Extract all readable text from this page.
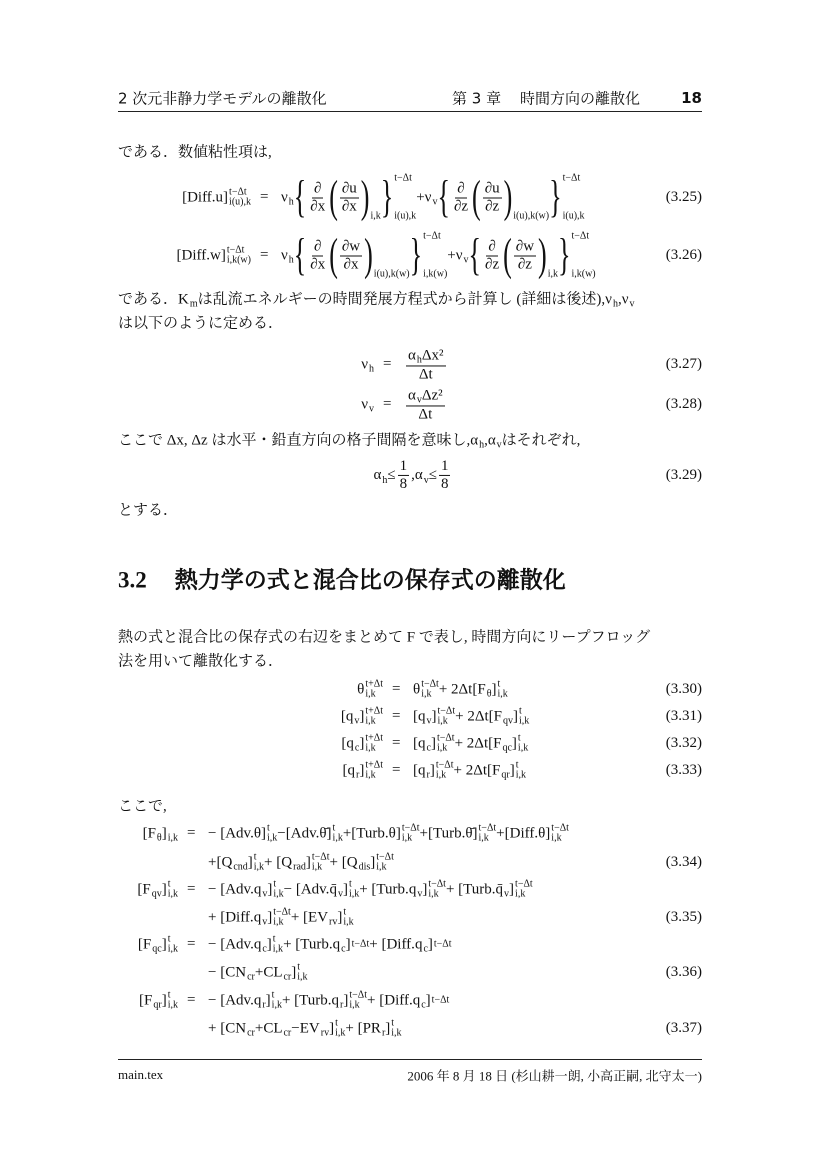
2 次元非静力学モデルの離散化	第 3 章 時間方向の離散化	18
である．数値粘性項は,
[Diff.u] t−Δt
i(u),k = ν h { $\frac{\partial}{\partial x}$ ( $\frac{\partial u}{\partial x}$ ) i,k } t−Δt
i(u),k
+ν v { $\frac{\partial}{\partial z}$ ( $\frac{\partial u}{\partial z}$ ) i(u),k(w) } t−Δt
i(u),k
(3.25)
[Diff.w] t−Δt
i,k(w) = ν h { $\frac{\partial}{\partial x}$ ( $\frac{\partial w}{\partial x}$ ) i(u),k(w) } t−Δt
i,k(w)
+ν v { $\frac{\partial}{\partial z}$ ( $\frac{\partial w}{\partial z}$ ) i,k } t−Δt
i,k(w)
(3.26)
である．K m は乱流エネルギーの時間発展方程式から計算し (詳細は後述),ν h ,ν v
は以下のように定める．
ν $h = \frac{\text{α h Δx²}}{\Delta t}$	(3.27)
ν $v = \frac{\text{α v Δz²}}{\Delta t}$	(3.28)
ここで Δx, Δz は水平・鉛直方向の格子間隔を意味し,α h ,α v はそれぞれ,
α $h \le \frac{1}{8} ,\alpha$ $v \le \frac{1}{8}$	(3.29)
とする．
3.2 熱力学の式と混合比の保存式の離散化
熱の式と混合比の保存式の右辺をまとめて F で表し, 時間方向にリープフロッグ
法を用いて離散化する．
θ t+Δt
i,k	= θ t−Δt
i,k + 2Δt[F θ ] t
i,k	(3.30)
[q v ] t+Δt
i,k	= [q v ] t−Δt
i,k + 2Δt[F qv ] t
i,k	(3.31)
[q c ] t+Δt
i,k	= [q c ] t−Δt
i,k + 2Δt[F qc ] t
i,k	(3.32)
[q r ] t+Δt
i,k	= [q r ] t−Δt
i,k + 2Δt[F qr ] t
i,k	(3.33)
ここで,
[F θ ] i,k = − [Adv.θ] t
i,k −[Adv.θ̄] t
i,k +[Turb.θ] t−Δt
i,k +[Turb.θ̄] t−Δt
i,k +[Diff.θ] t−Δt
i,k
+[Q cnd ] t
i,k + [Q rad ] t−Δt
i,k + [Q dis ] t−Δt
i,k	(3.34)
[F qv ] t
i,k = − [Adv.q v ] t
i,k − [Adv.q̄ v ] t
i,k + [Turb.q v ] t−Δt
i,k + [Turb.q̄ v ] t−Δt
i,k
+ [Diff.q v ] t−Δt
i,k + [EV rv ] t
i,k	(3.35)
[F qc ] t
i,k = − [Adv.q c ] t
i,k + [Turb.q c ] t−Δt + [Diff.q c ] t−Δt
− [CN cr +CL cr ] t
i,k	(3.36)
[F qr ] t
i,k = − [Adv.q r ] t
i,k + [Turb.q r ] t−Δt
i,k + [Diff.q c ] t−Δt
+ [CN cr +CL cr −EV rv ] t
i,k + [PR r ] t
i,k	(3.37)
main.tex	2006 年 8 月 18 日 (杉山耕一朗, 小高正嗣, 北守太一)
